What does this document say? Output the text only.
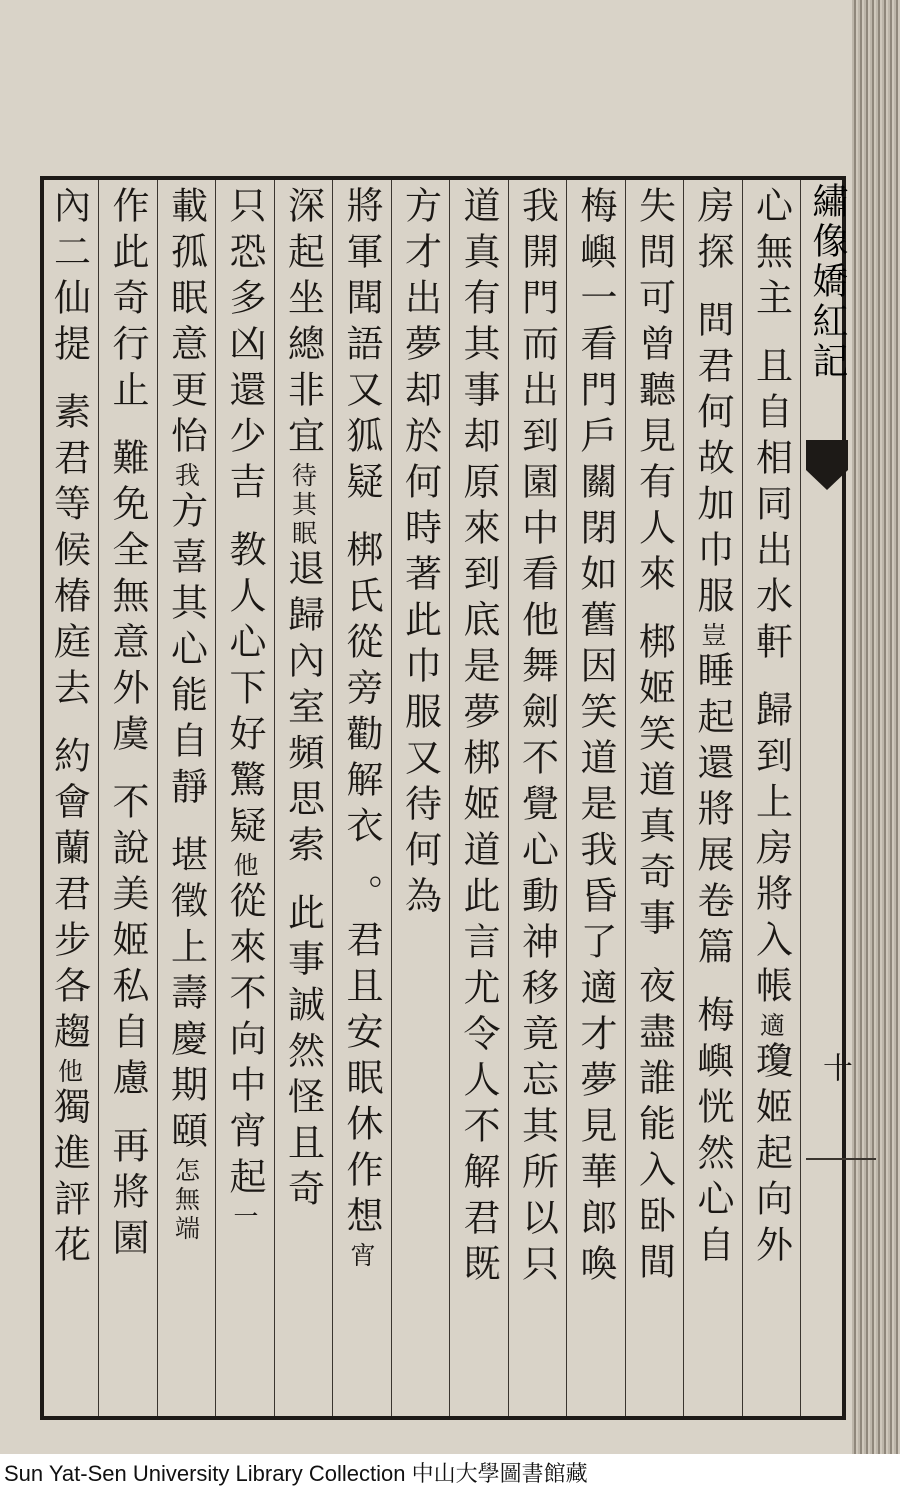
繡像嬌紅記
十
心無主
且自相同出水軒
歸到上房將入帳
適
瓊姬起向外
房探
問君何故加巾服
豈
睡起還將展卷篇
梅嶼恍然心自
失問可曾聽見有人來
梆姬笑道真奇事
夜盡誰能入卧間
梅嶼一看門戶關閉如舊因笑道是我昏了適才夢見華郎喚
我開門而出到園中看他舞劍不覺心動神移竟忘其所以只
道真有其事却原來到底是夢梆姬道此言尤令人不解君既
方才出夢却於何時著此巾服又待何為
將軍聞語又狐疑
梆氏從旁勸解衣
。君且安眠休作想
宵
深起坐總非宜
待其眠
退歸內室頻思索
此事誠然怪且奇
只恐多凶還少吉
教人心下好驚疑
他
從來不向中宵起
一
載孤眠意更怡
我
方喜其心能自靜
堪徵上壽慶期頤
怎無端
作此奇行止
難免全無意外虞
不說美姬私自慮
再將園
內二仙提
素君等候椿庭去
約會蘭君步各趨
他
獨進評花
Sun Yat-Sen University Library Collection 中山大學圖書館藏
